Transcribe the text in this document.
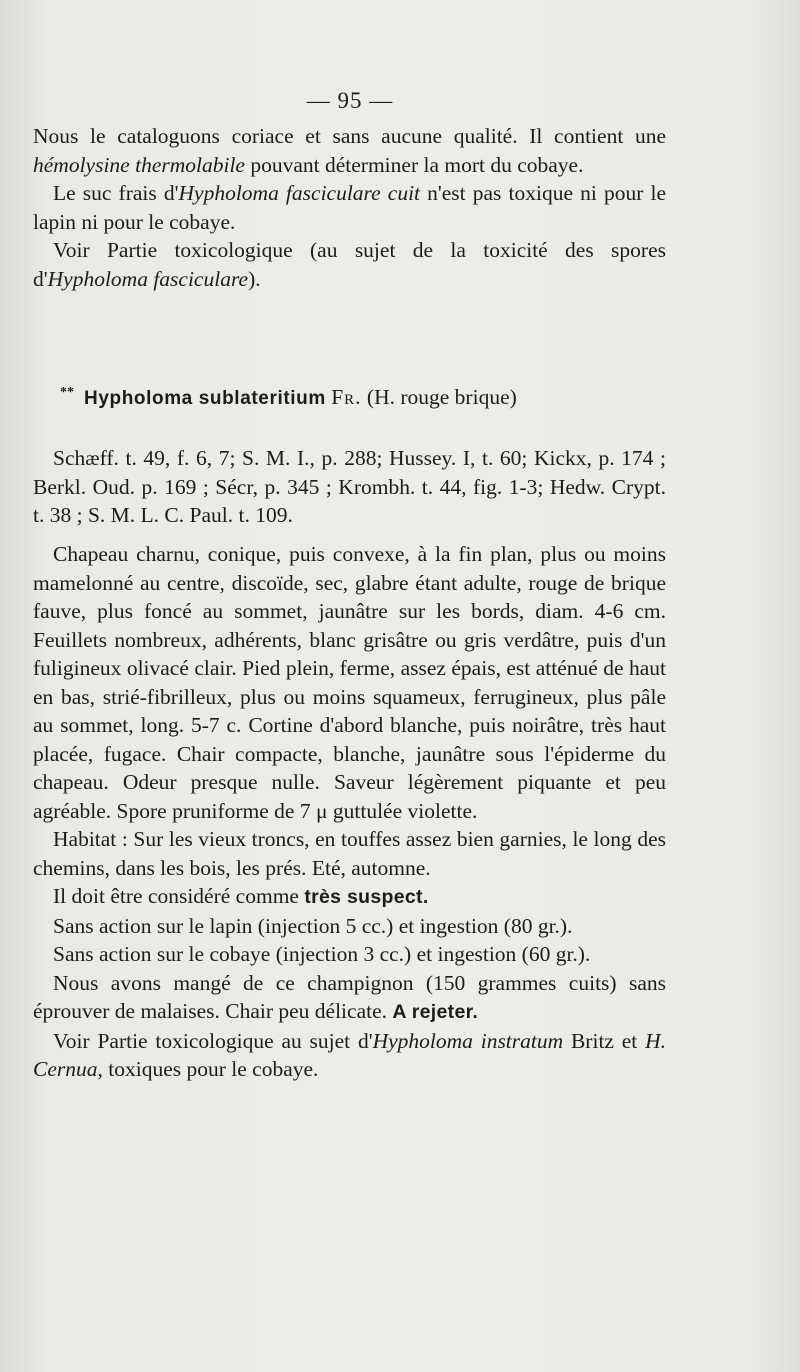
— 95 —

Nous le cataloguons coriace et sans aucune qualité. Il contient une hémolysine thermolabile pouvant déterminer la mort du cobaye.

Le suc frais d'Hypholoma fasciculare cuit n'est pas toxique ni pour le lapin ni pour le cobaye.

Voir Partie toxicologique (au sujet de la toxicité des spores d'Hypholoma fasciculare).

** Hypholoma sublateritium Fr. (H. rouge brique)

Schæff. t. 49, f. 6, 7; S. M. I., p. 288; Hussey. I, t. 60; Kickx, p. 174 ; Berkl. Oud. p. 169 ; Sécr, p. 345 ; Krombh. t. 44, fig. 1-3; Hedw. Crypt. t. 38 ; S. M. L. C. Paul. t. 109.

Chapeau charnu, conique, puis convexe, à la fin plan, plus ou moins mamelonné au centre, discoïde, sec, glabre étant adulte, rouge de brique fauve, plus foncé au sommet, jaunâtre sur les bords, diam. 4-6 cm. Feuillets nombreux, adhérents, blanc grisâtre ou gris verdâtre, puis d'un fuligineux olivacé clair. Pied plein, ferme, assez épais, est atténué de haut en bas, strié-fibrilleux, plus ou moins squameux, ferrugineux, plus pâle au sommet, long. 5-7 c. Cortine d'abord blanche, puis noirâtre, très haut placée, fugace. Chair compacte, blanche, jaunâtre sous l'épiderme du chapeau. Odeur presque nulle. Saveur légèrement piquante et peu agréable. Spore pruniforme de 7 μ guttulée violette.

Habitat : Sur les vieux troncs, en touffes assez bien garnies, le long des chemins, dans les bois, les prés. Eté, automne.

Il doit être considéré comme très suspect.

Sans action sur le lapin (injection 5 cc.) et ingestion (80 gr.).

Sans action sur le cobaye (injection 3 cc.) et ingestion (60 gr.).

Nous avons mangé de ce champignon (150 grammes cuits) sans éprouver de malaises. Chair peu délicate. A rejeter.

Voir Partie toxicologique au sujet d'Hypholoma instratum Britz et H. Cernua, toxiques pour le cobaye.
